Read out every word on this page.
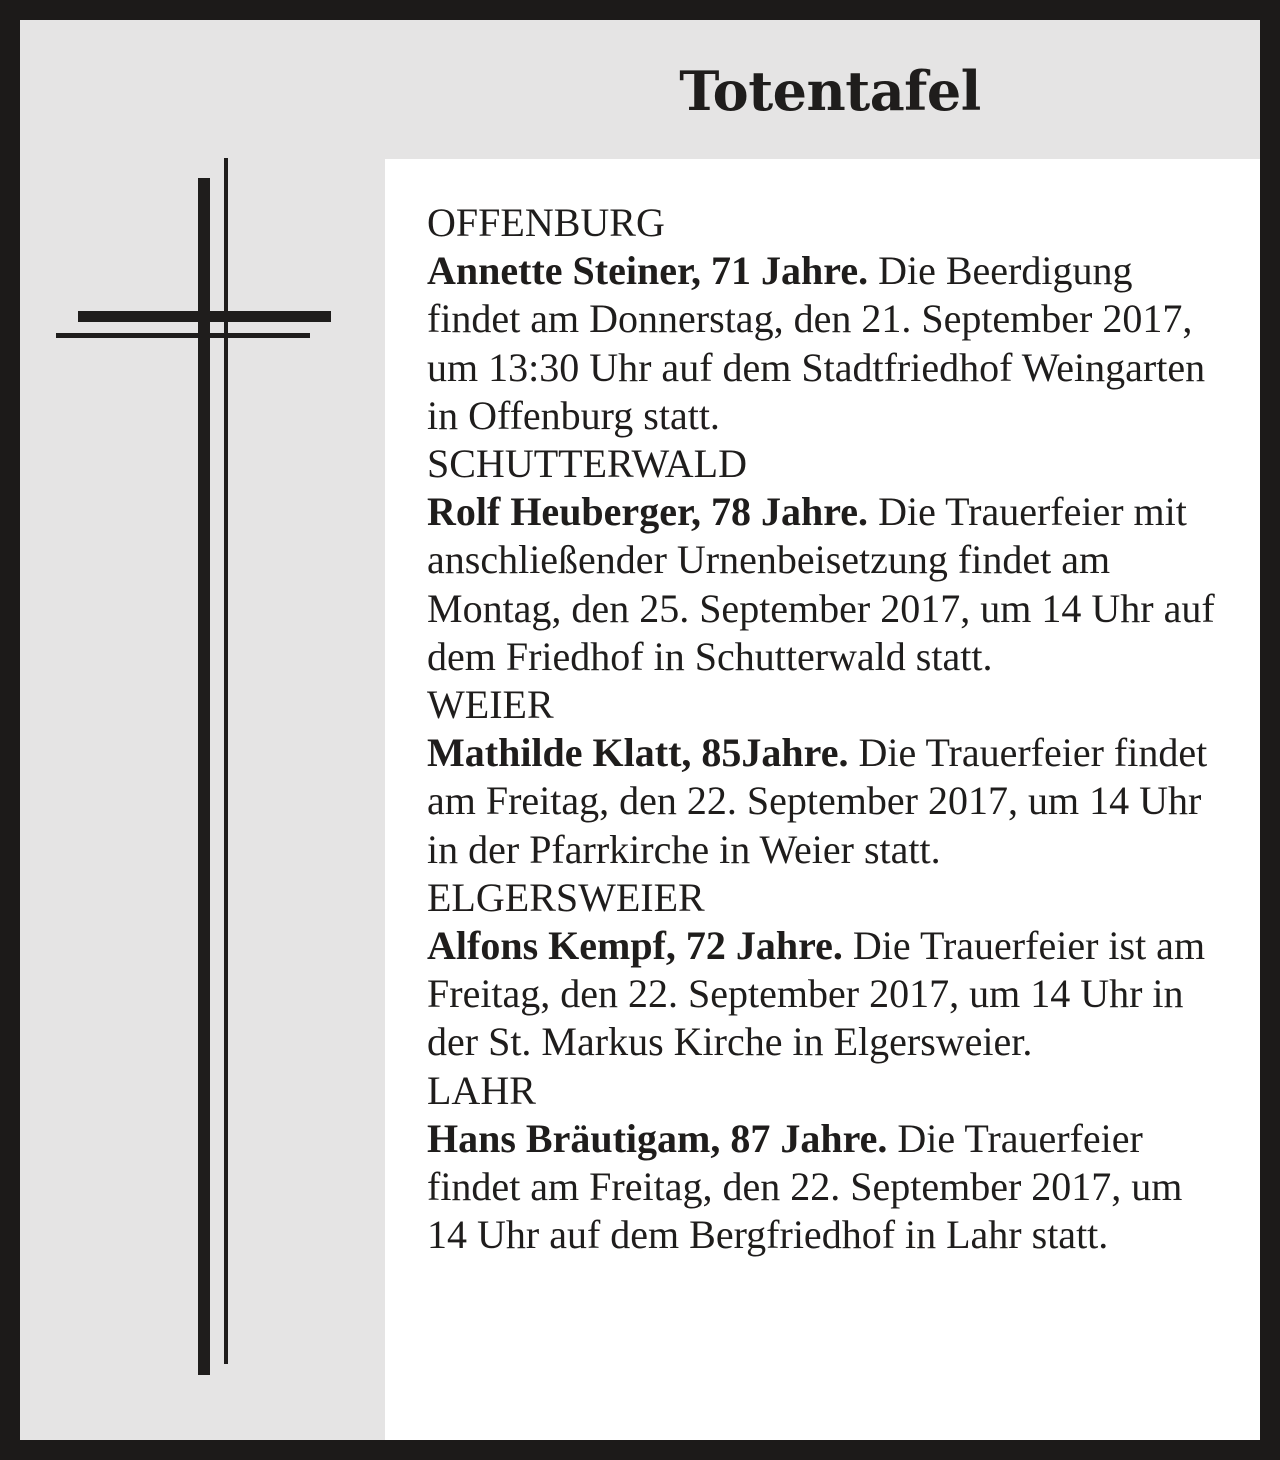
Totentafel
OFFENBURG

Annette Steiner, 71 Jahre. Die Beerdigung findet am Donnerstag, den 21. September 2017, um 13:30 Uhr auf dem Stadtfriedhof Weingarten in Offenburg statt.

SCHUTTERWALD

Rolf Heuberger, 78 Jahre. Die Trauerfeier mit anschließender Urnenbeisetzung findet am Montag, den 25. September 2017, um 14 Uhr auf dem Friedhof in Schutterwald statt.

WEIER

Mathilde Klatt, 85Jahre. Die Trauerfeier findet am Freitag, den 22. September 2017, um 14 Uhr in der Pfarrkirche in Weier statt.

ELGERSWEIER

Alfons Kempf, 72 Jahre. Die Trauerfeier ist am Freitag, den 22. September 2017, um 14 Uhr in der St. Markus Kirche in Elgersweier.

LAHR

Hans Bräutigam, 87 Jahre. Die Trauerfeier findet am Freitag, den 22. September 2017, um 14 Uhr auf dem Bergfriedhof in Lahr statt.
